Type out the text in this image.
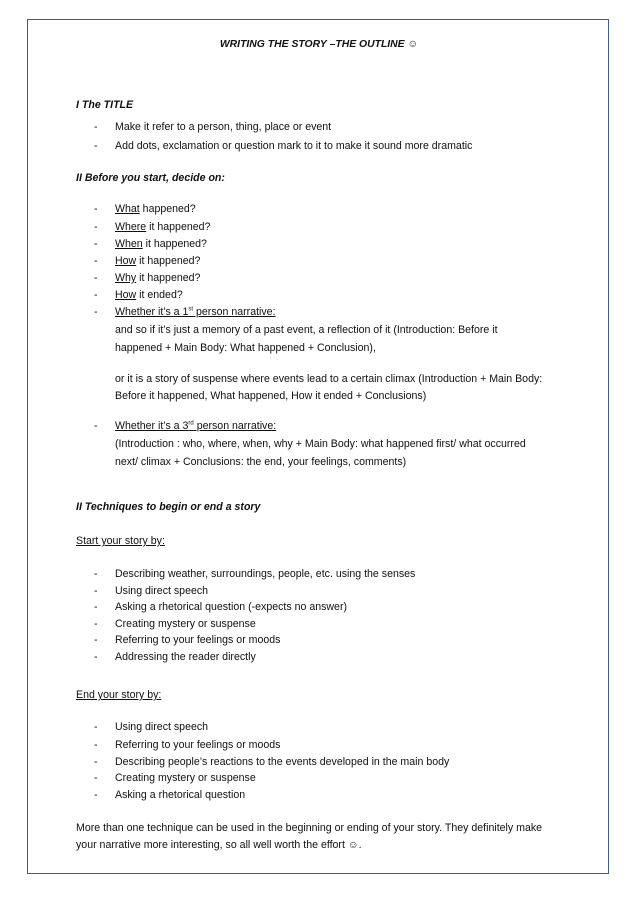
WRITING THE STORY –THE OUTLINE ☺
I The TITLE
- Make it refer to a person, thing, place or event
- Add dots, exclamation or question mark to it to make it sound more dramatic
II Before you start, decide on:
- What happened?
- Where it happened?
- When it happened?
- How it happened?
- Why it happened?
- How it ended?
- Whether it’s a 1st person narrative:
and so if it’s just a memory of a past event, a reflection of it (Introduction: Before it
happened + Main Body: What happened + Conclusion),
or it is a story of suspense where events lead to a certain climax (Introduction + Main Body:
Before it happened, What happened, How it ended + Conclusions)
- Whether it’s a 3rd person narrative:
(Introduction : who, where, when, why + Main Body: what happened first/ what occurred
next/ climax + Conclusions: the end, your feelings, comments)
II Techniques to begin or end a story
Start your story by:
- Describing weather, surroundings, people, etc. using the senses
- Using direct speech
- Asking a rhetorical question (-expects no answer)
- Creating mystery or suspense
- Referring to your feelings or moods
- Addressing the reader directly
End your story by:
- Using direct speech
- Referring to your feelings or moods
- Describing people’s reactions to the events developed in the main body
- Creating mystery or suspense
- Asking a rhetorical question
More than one technique can be used in the beginning or ending of your story. They definitely make
your narrative more interesting, so all well worth the effort ☺.
